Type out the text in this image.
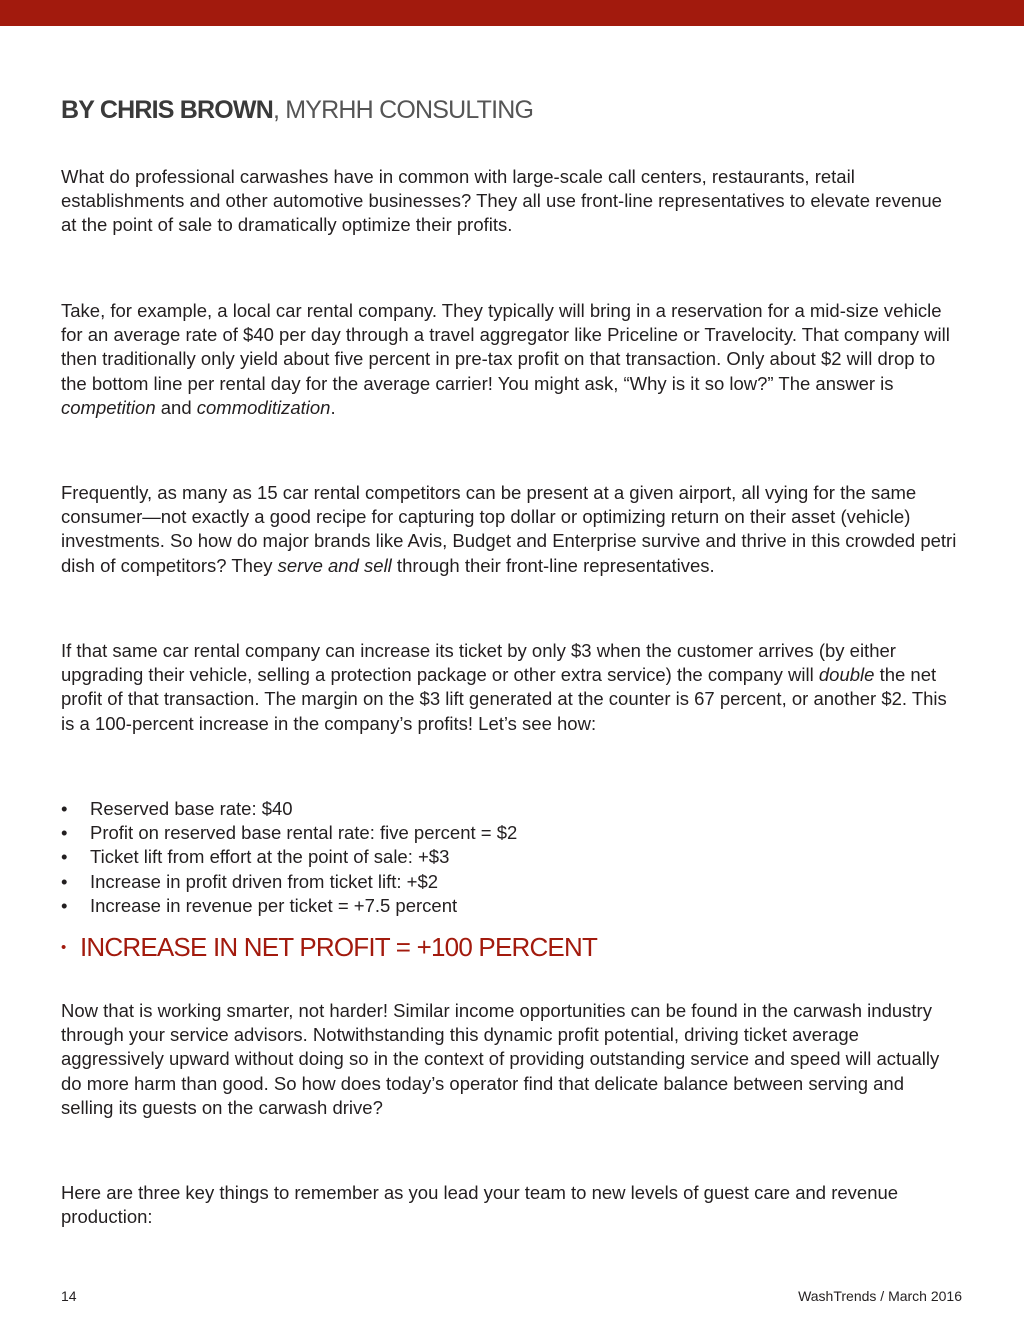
BY CHRIS BROWN, MYRHH CONSULTING

What do professional carwashes have in common with large-scale call centers, restaurants, retail establishments and other automotive businesses? They all use front-line representatives to elevate revenue at the point of sale to dramatically optimize their profits.

Take, for example, a local car rental company. They typically will bring in a reservation for a mid-size vehicle for an average rate of $40 per day through a travel aggregator like Priceline or Travelocity. That company will then traditionally only yield about five percent in pre-tax profit on that transaction. Only about $2 will drop to the bottom line per rental day for the average carrier! You might ask, “Why is it so low?” The answer is competition and commoditization.

Frequently, as many as 15 car rental competitors can be present at a given airport, all vying for the same consumer—not exactly a good recipe for capturing top dollar or optimizing return on their asset (vehicle) investments. So how do major brands like Avis, Budget and Enterprise survive and thrive in this crowded petri dish of competitors? They serve and sell through their front-line representatives.

If that same car rental company can increase its ticket by only $3 when the customer arrives (by either upgrading their vehicle, selling a protection package or other extra service) the company will double the net profit of that transaction. The margin on the $3 lift generated at the counter is 67 percent, or another $2. This is a 100-percent increase in the company’s profits! Let’s see how:

• Reserved base rate: $40
• Profit on reserved base rental rate: five percent = $2
• Ticket lift from effort at the point of sale: +$3
• Increase in profit driven from ticket lift: +$2
• Increase in revenue per ticket = +7.5 percent

• INCREASE IN NET PROFIT = +100 PERCENT

Now that is working smarter, not harder! Similar income opportunities can be found in the carwash industry through your service advisors. Notwithstanding this dynamic profit potential, driving ticket average aggressively upward without doing so in the context of providing outstanding service and speed will actually do more harm than good. So how does today’s operator find that delicate balance between serving and selling its guests on the carwash drive?

Here are three key things to remember as you lead your team to new levels of guest care and revenue production:

14	WashTrends / March 2016
